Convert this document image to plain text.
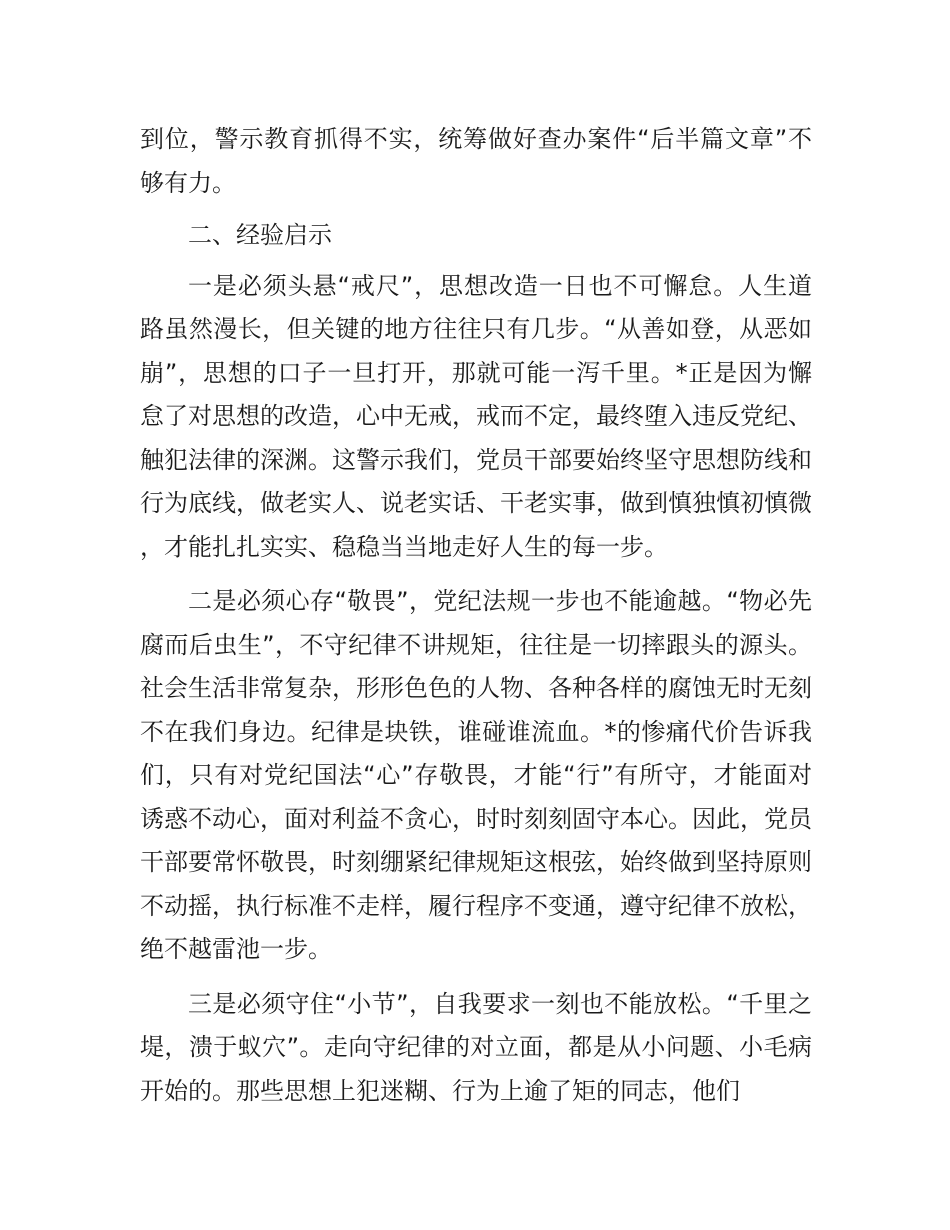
到位，警示教育抓得不实，统筹做好查办案件“后半篇文章”不够有力。

二、经验启示

一是必须头悬“戒尺”，思想改造一日也不可懈怠。人生道路虽然漫长，但关键的地方往往只有几步。“从善如登，从恶如崩”，思想的口子一旦打开，那就可能一泻千里。*正是因为懈怠了对思想的改造，心中无戒，戒而不定，最终堕入违反党纪、触犯法律的深渊。这警示我们，党员干部要始终坚守思想防线和行为底线，做老实人、说老实话、干老实事，做到慎独慎初慎微，才能扎扎实实、稳稳当当地走好人生的每一步。

二是必须心存“敬畏”，党纪法规一步也不能逾越。“物必先腐而后虫生”，不守纪律不讲规矩，往往是一切摔跟头的源头。社会生活非常复杂，形形色色的人物、各种各样的腐蚀无时无刻不在我们身边。纪律是块铁，谁碰谁流血。*的惨痛代价告诉我们，只有对党纪国法“心”存敬畏，才能“行”有所守，才能面对诱惑不动心，面对利益不贪心，时时刻刻固守本心。因此，党员干部要常怀敬畏，时刻绷紧纪律规矩这根弦，始终做到坚持原则不动摇，执行标准不走样，履行程序不变通，遵守纪律不放松，绝不越雷池一步。

三是必须守住“小节”，自我要求一刻也不能放松。“千里之堤，溃于蚁穴”。走向守纪律的对立面，都是从小问题、小毛病开始的。那些思想上犯迷糊、行为上逾了矩的同志，他们
